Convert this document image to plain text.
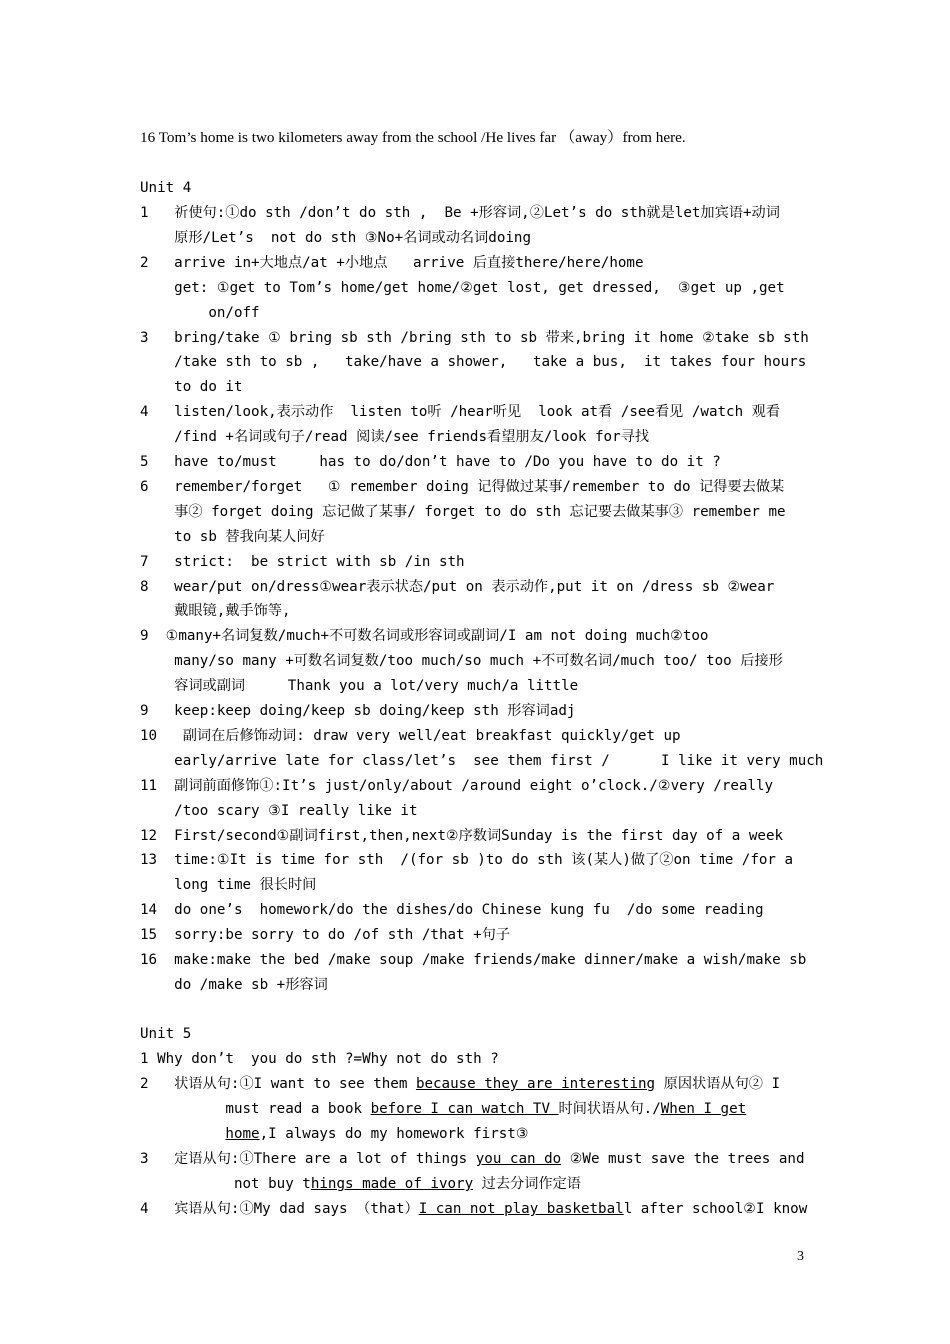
16 Tom’s home is two kilometers away from the school /He lives far （away）from here.
Unit 4
1   祈使句:①do sth /don’t do sth ,  Be +形容词,②Let’s do sth就是let加宾语+动词
原形/Let’s  not do sth ③No+名词或动名词doing
2   arrive in+大地点/at +小地点   arrive 后直接there/here/home
get: ①get to Tom’s home/get home/②get lost, get dressed,  ③get up ,get
on/off
3   bring/take ① bring sb sth /bring sth to sb 带来,bring it home ②take sb sth
/take sth to sb ,   take/have a shower,   take a bus,  it takes four hours
to do it
4   listen/look,表示动作  listen to听 /hear听见  look at看 /see看见 /watch 观看
/find +名词或句子/read 阅读/see friends看望朋友/look for寻找
5   have to/must     has to do/don’t have to /Do you have to do it ?
6   remember/forget   ① remember doing 记得做过某事/remember to do 记得要去做某
事② forget doing 忘记做了某事/ forget to do sth 忘记要去做某事③ remember me
to sb 替我向某人问好
7   strict:  be strict with sb /in sth
8   wear/put on/dress①wear表示状态/put on 表示动作,put it on /dress sb ②wear
戴眼镜,戴手饰等,
9  ①many+名词复数/much+不可数名词或形容词或副词/I am not doing much②too
many/so many +可数名词复数/too much/so much +不可数名词/much too/ too 后接形
容词或副词     Thank you a lot/very much/a little
9   keep:keep doing/keep sb doing/keep sth 形容词adj
10   副词在后修饰动词: draw very well/eat breakfast quickly/get up
early/arrive late for class/let’s  see them first /      I like it very much
11  副词前面修饰①:It’s just/only/about /around eight o’clock./②very /really
/too scary ③I really like it
12  First/second①副词first,then,next②序数词Sunday is the first day of a week
13  time:①It is time for sth  /(for sb )to do sth 该(某人)做了②on time /for a
long time 很长时间
14  do one’s  homework/do the dishes/do Chinese kung fu  /do some reading
15  sorry:be sorry to do /of sth /that +句子
16  make:make the bed /make soup /make friends/make dinner/make a wish/make sb
do /make sb +形容词
Unit 5
1 Why don’t  you do sth ?=Why not do sth ?
2   状语从句:①I want to see them because they are interesting 原因状语从句② I
must read a book before I can watch TV 时间状语从句./When I get
home,I always do my homework first③
3   定语从句:①There are a lot of things you can do ②We must save the trees and
not buy things made of ivory 过去分词作定语
4   宾语从句:①My dad says （that）I can not play basketball after school②I know
3
